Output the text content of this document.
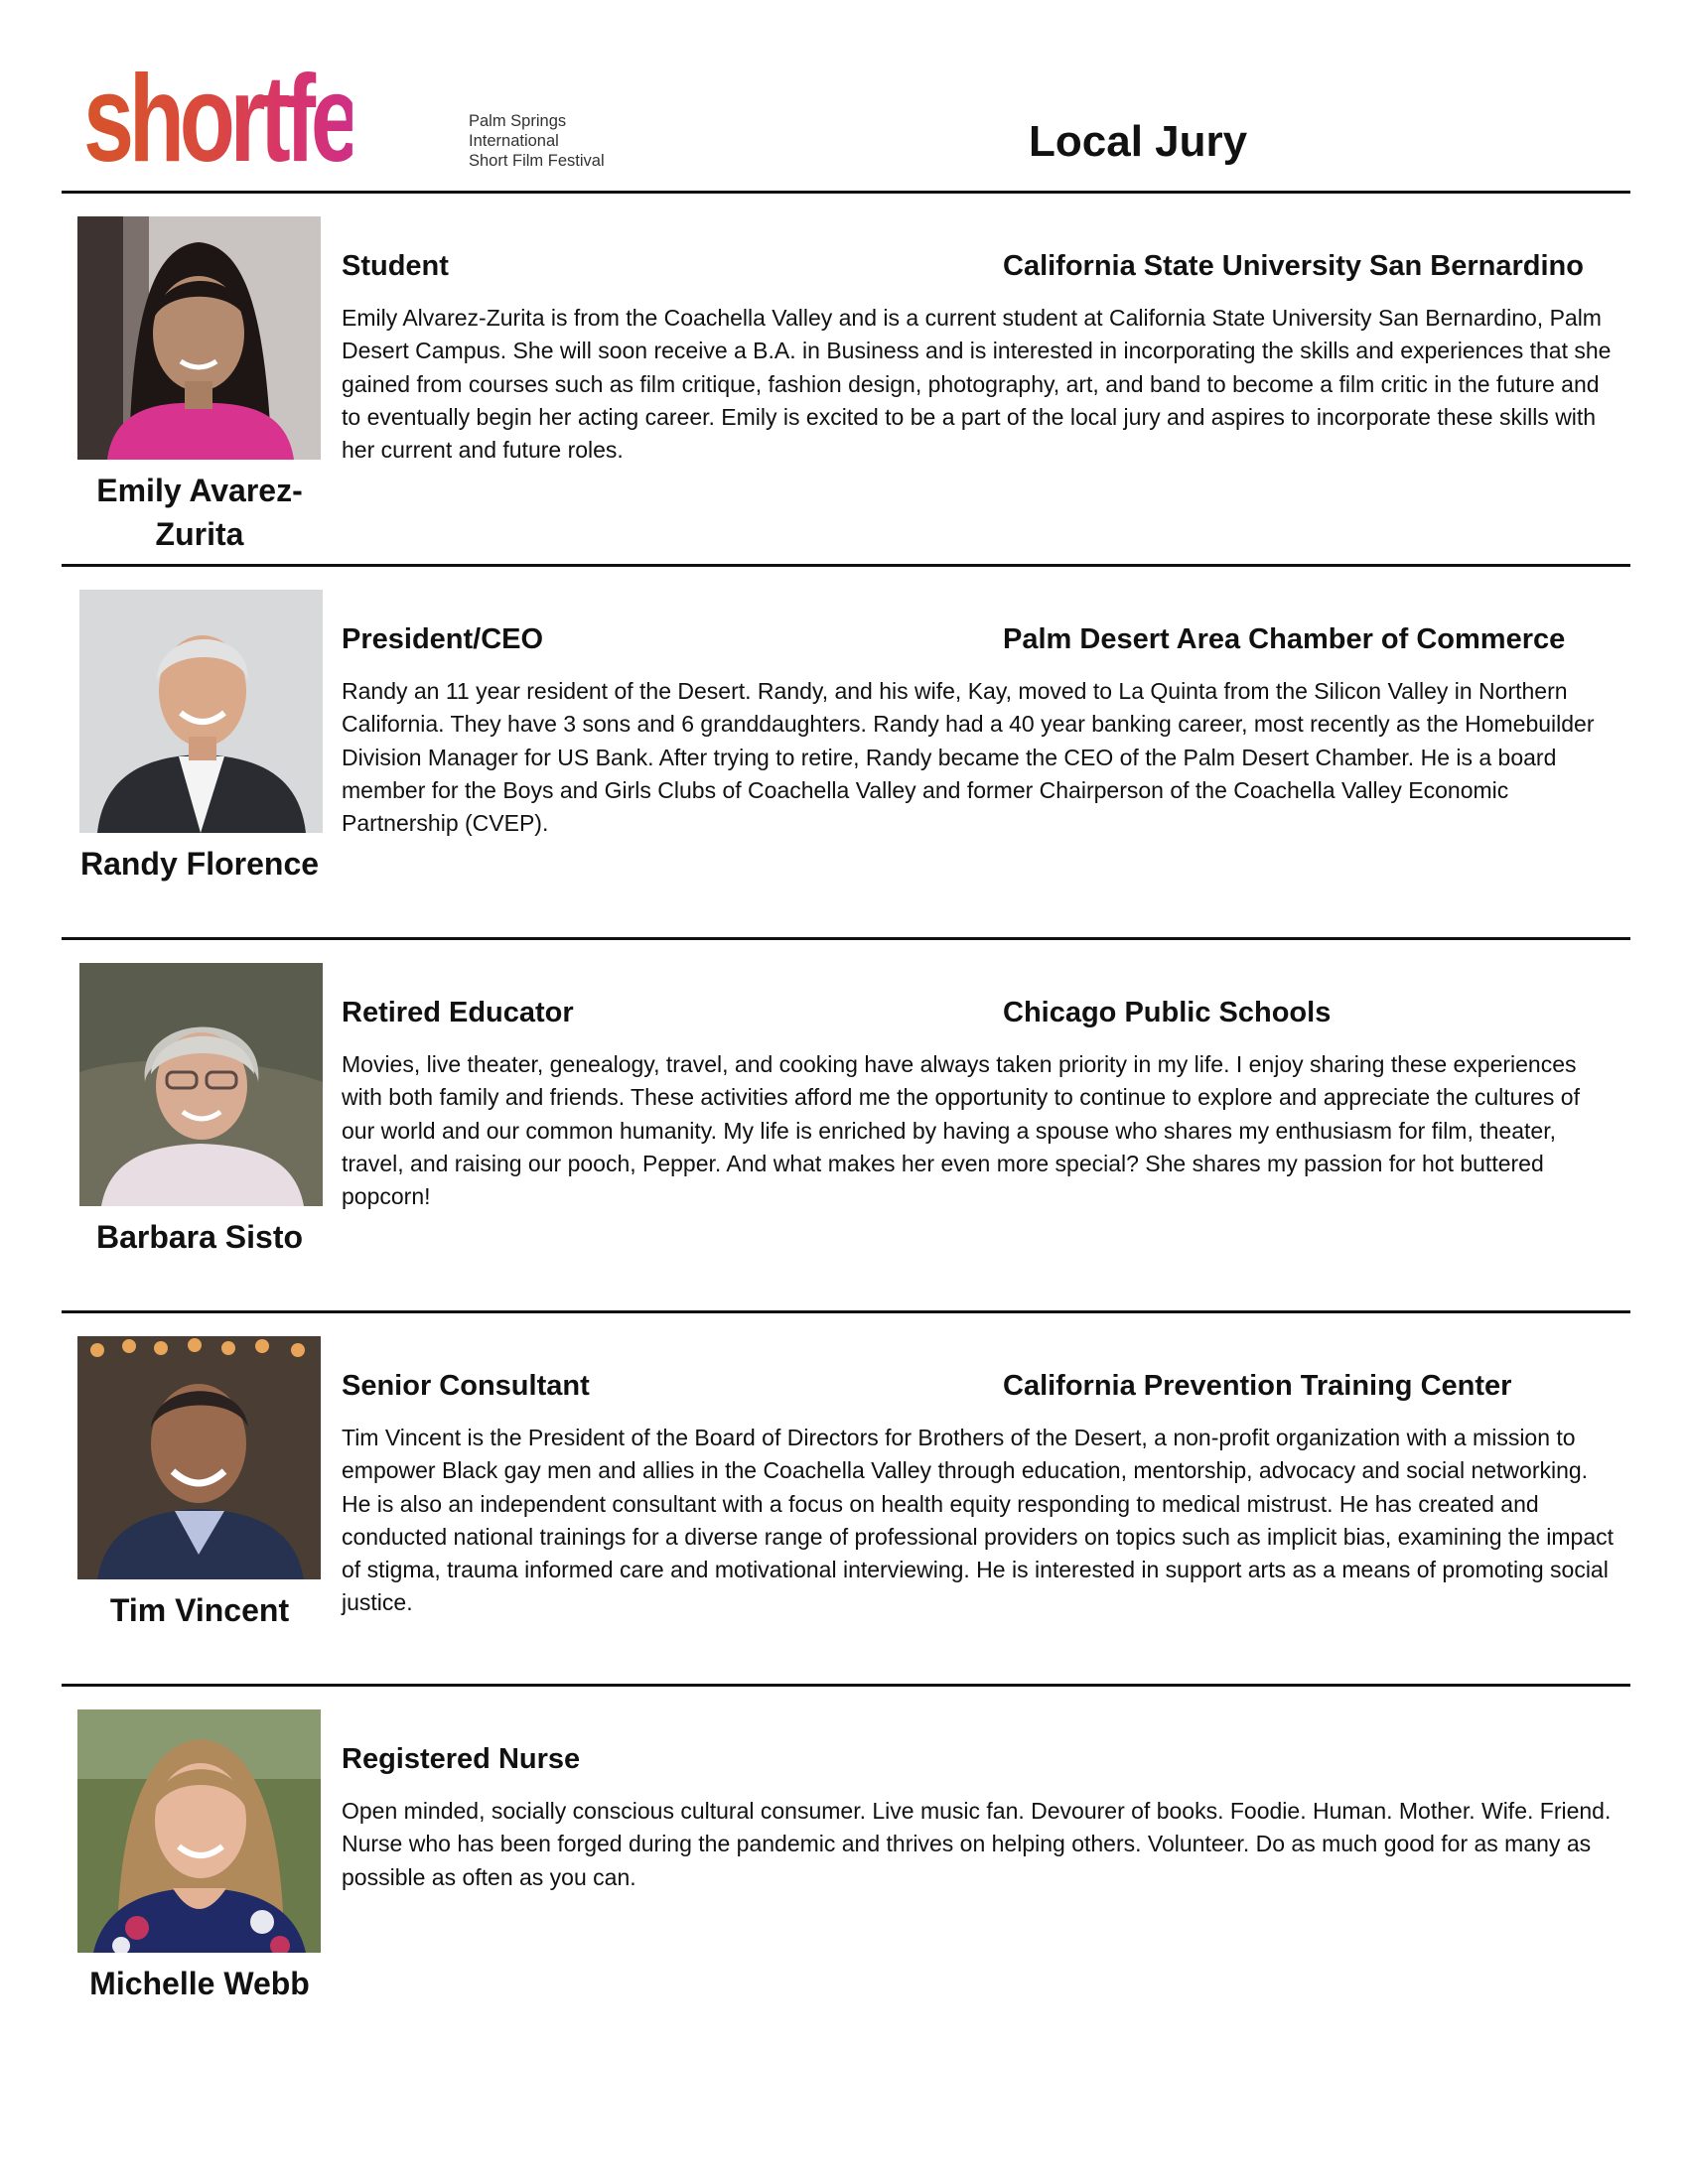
shortfest	Palm Springs
International
Short Film Festival	Local Jury
Emily Avarez-Zurita
Student	California State University San Bernardino

Emily Alvarez-Zurita is from the Coachella Valley and is a current student at California State University San Bernardino, Palm Desert Campus. She will soon receive a B.A. in Business and is interested in incorporating the skills and experiences that she gained from courses such as film critique, fashion design, photography, art, and band to become a film critic in the future and to eventually begin her acting career. Emily is excited to be a part of the local jury and aspires to incorporate these skills with her current and future roles.

Randy Florence
President/CEO	Palm Desert Area Chamber of Commerce

Randy an 11 year resident of the Desert. Randy, and his wife, Kay, moved to La Quinta from the Silicon Valley in Northern California. They have 3 sons and 6 granddaughters. Randy had a 40 year banking career, most recently as the Homebuilder Division Manager for US Bank. After trying to retire, Randy became the CEO of the Palm Desert Chamber. He is a board member for the Boys and Girls Clubs of Coachella Valley and former Chairperson of the Coachella Valley Economic Partnership (CVEP).

Barbara Sisto
Retired Educator	Chicago Public Schools

Movies, live theater, genealogy, travel, and cooking have always taken priority in my life. I enjoy sharing these experiences with both family and friends. These activities afford me the opportunity to continue to explore and appreciate the cultures of our world and our common humanity. My life is enriched by having a spouse who shares my enthusiasm for film, theater, travel, and raising our pooch, Pepper. And what makes her even more special? She shares my passion for hot buttered popcorn!

Tim Vincent
Senior Consultant	California Prevention Training Center

Tim Vincent is the President of the Board of Directors for Brothers of the Desert, a non-profit organization with a mission to empower Black gay men and allies in the Coachella Valley through education, mentorship, advocacy and social networking. He is also an independent consultant with a focus on health equity responding to medical mistrust. He has created and conducted national trainings for a diverse range of professional providers on topics such as implicit bias, examining the impact of stigma, trauma informed care and motivational interviewing. He is interested in support arts as a means of promoting social justice.

Michelle Webb
Registered Nurse

Open minded, socially conscious cultural consumer. Live music fan. Devourer of books. Foodie. Human. Mother. Wife. Friend. Nurse who has been forged during the pandemic and thrives on helping others. Volunteer. Do as much good for as many as possible as often as you can.
